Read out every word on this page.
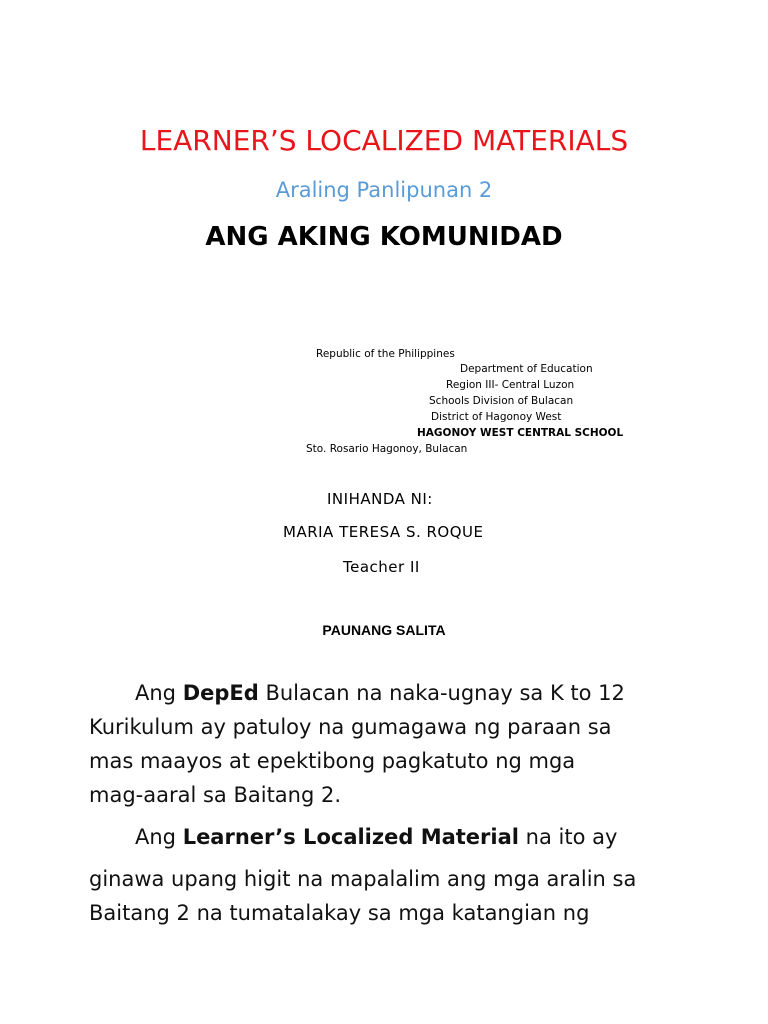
LEARNER’S LOCALIZED MATERIALS
Araling Panlipunan 2
ANG AKING KOMUNIDAD
Republic of the Philippines
Department of Education
Region III- Central Luzon
Schools Division of Bulacan
District of Hagonoy West
HAGONOY WEST CENTRAL SCHOOL
Sto. Rosario Hagonoy, Bulacan
INIHANDA NI:
MARIA TERESA S. ROQUE
Teacher II
PAUNANG SALITA
Ang DepEd Bulacan na naka-ugnay sa K to 12
Kurikulum ay patuloy na gumagawa ng paraan sa
mas maayos at epektibong pagkatuto ng mga
mag-aaral sa Baitang 2.
Ang Learner’s Localized Material na ito ay
ginawa upang higit na mapalalim ang mga aralin sa
Baitang 2 na tumatalakay sa mga katangian ng
